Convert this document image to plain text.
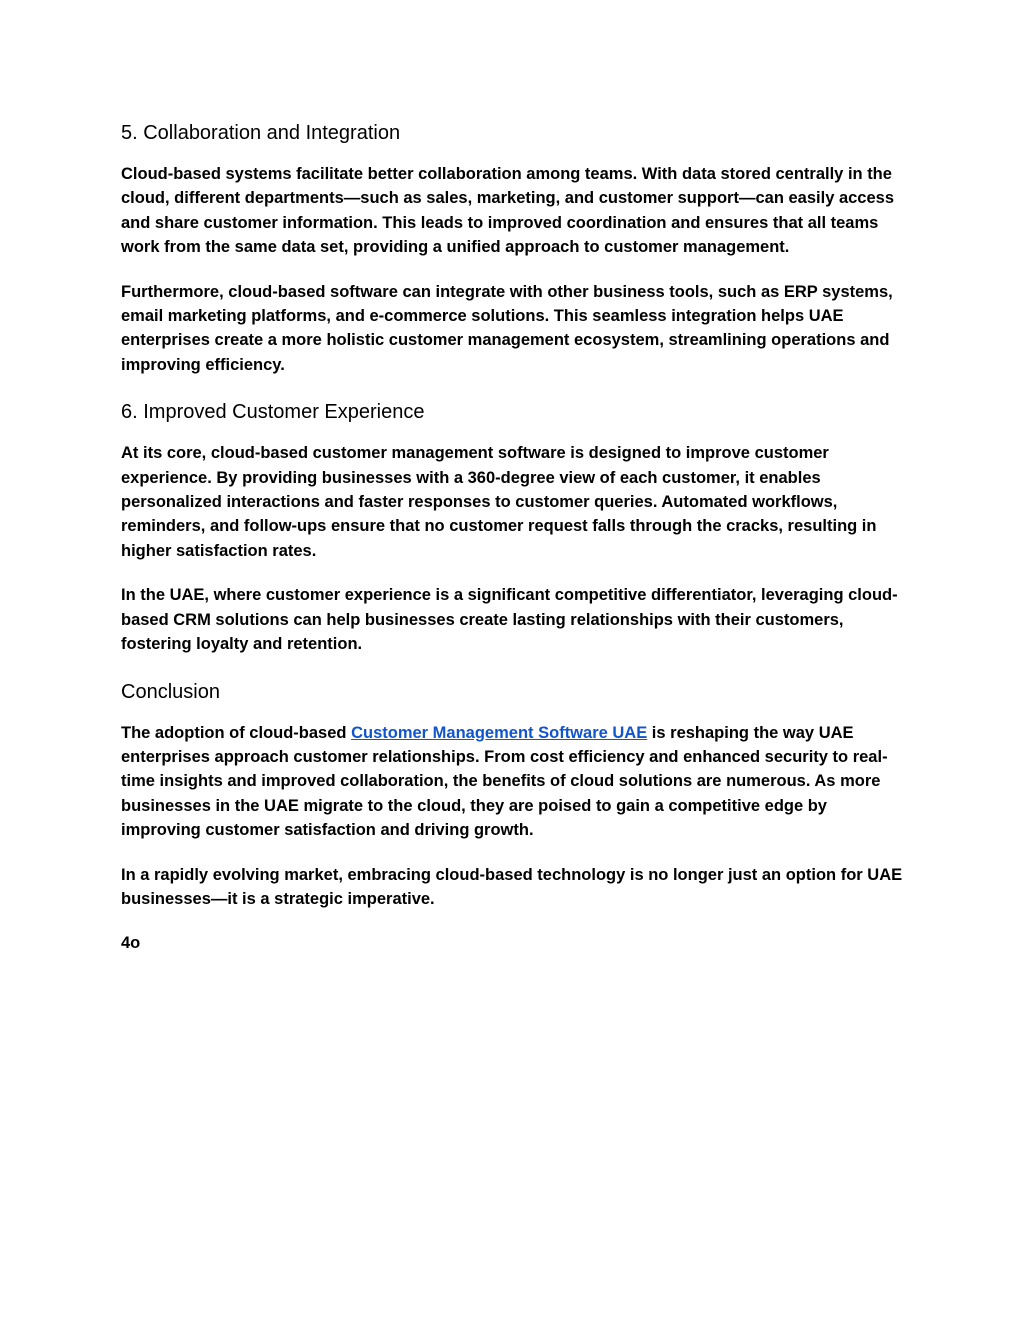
5. Collaboration and Integration

Cloud-based systems facilitate better collaboration among teams. With data stored centrally in the cloud, different departments—such as sales, marketing, and customer support—can easily access and share customer information. This leads to improved coordination and ensures that all teams work from the same data set, providing a unified approach to customer management.

Furthermore, cloud-based software can integrate with other business tools, such as ERP systems, email marketing platforms, and e-commerce solutions. This seamless integration helps UAE enterprises create a more holistic customer management ecosystem, streamlining operations and improving efficiency.

6. Improved Customer Experience

At its core, cloud-based customer management software is designed to improve customer experience. By providing businesses with a 360-degree view of each customer, it enables personalized interactions and faster responses to customer queries. Automated workflows, reminders, and follow-ups ensure that no customer request falls through the cracks, resulting in higher satisfaction rates.

In the UAE, where customer experience is a significant competitive differentiator, leveraging cloud-based CRM solutions can help businesses create lasting relationships with their customers, fostering loyalty and retention.

Conclusion

The adoption of cloud-based Customer Management Software UAE is reshaping the way UAE enterprises approach customer relationships. From cost efficiency and enhanced security to real-time insights and improved collaboration, the benefits of cloud solutions are numerous. As more businesses in the UAE migrate to the cloud, they are poised to gain a competitive edge by improving customer satisfaction and driving growth.

In a rapidly evolving market, embracing cloud-based technology is no longer just an option for UAE businesses—it is a strategic imperative.

4o
